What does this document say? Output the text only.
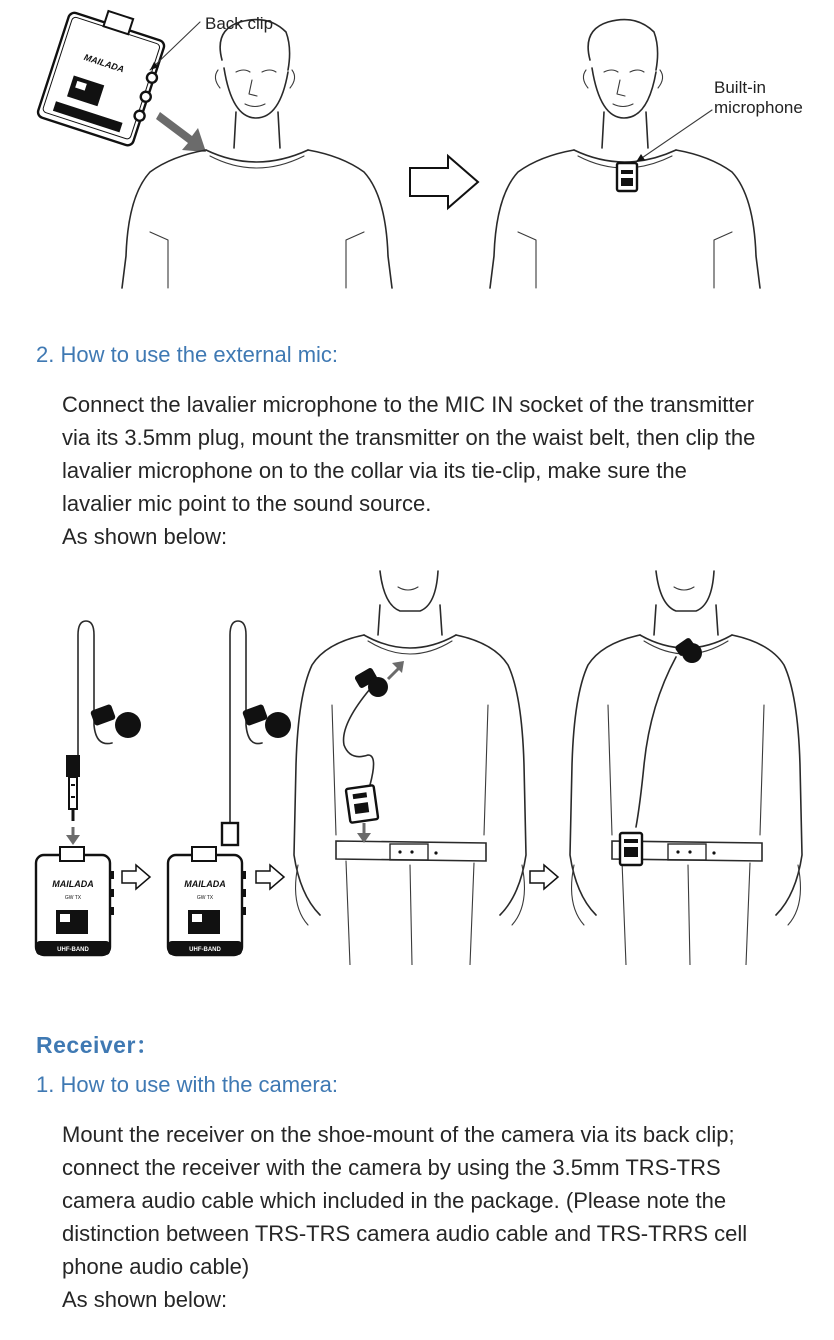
MAILADA
Back clip
Built-in
microphone
2. How to use the external mic:

Connect the lavalier microphone to the MIC IN socket of the transmitter via its 3.5mm plug, mount the transmitter on the waist belt, then clip the lavalier microphone on to the collar via its tie-clip, make sure the lavalier mic point to the sound source.

As shown below:

MAILADA
GW TX
UHF-BAND
MAILADA
GW TX
UHF-BAND
Receiver：
1. How to use with the camera:

Mount the receiver on the shoe-mount of the camera via its back clip; connect the receiver with the camera by using the 3.5mm TRS-TRS camera audio cable which included in the package. (Please note the distinction between TRS-TRS camera audio cable and TRS-TRRS cell phone audio cable)

As shown below:
